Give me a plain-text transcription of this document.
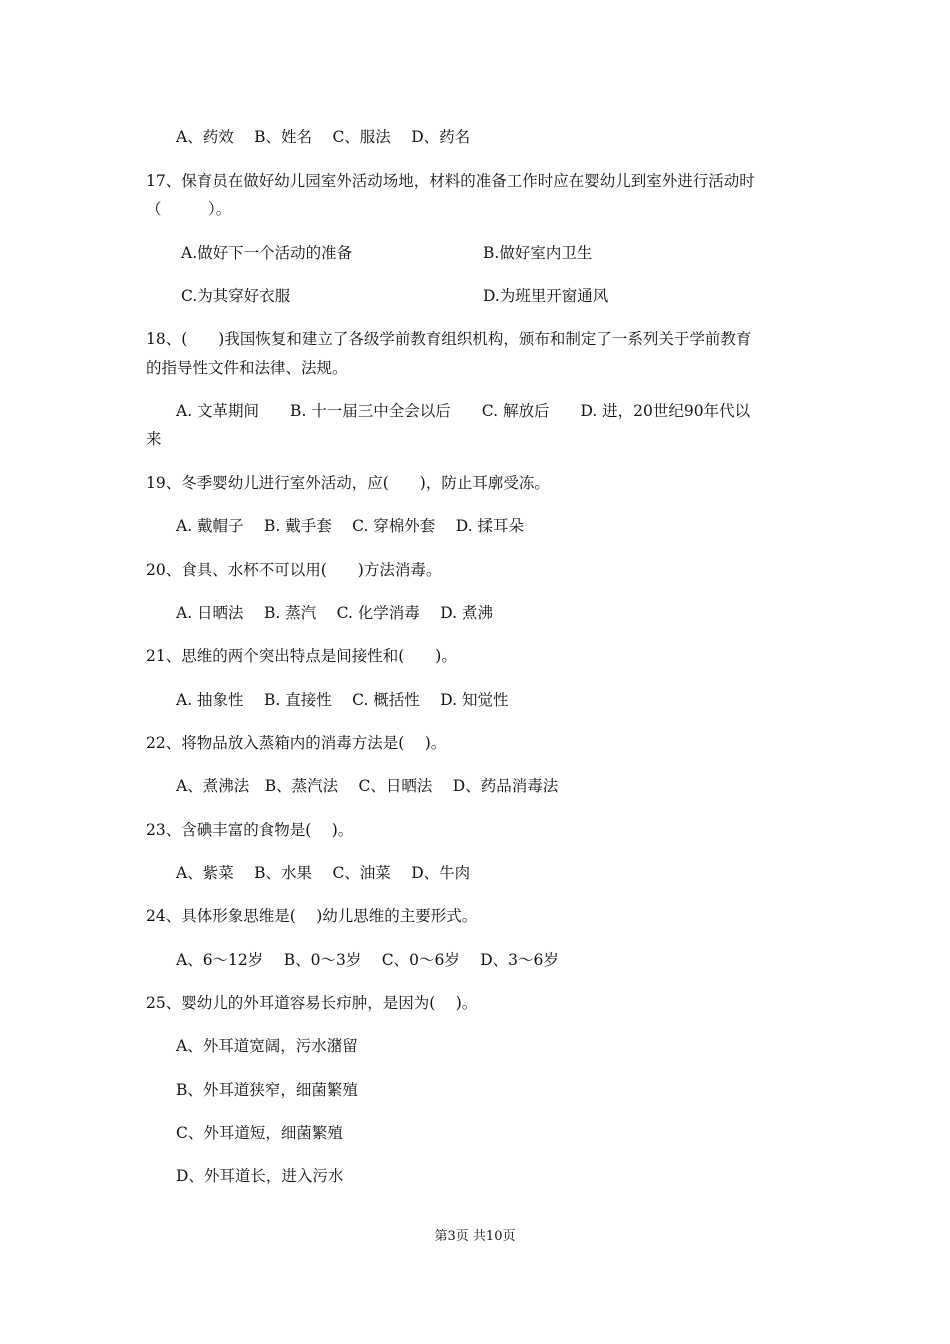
A、药效　 B、姓名　 C、服法　 D、药名
17、保育员在做好幼儿园室外活动场地，材料的准备工作时应在婴幼儿到室外进行活动时
（　　　）。
A.做好下一个活动的准备	B.做好室内卫生
C.为其穿好衣服	D.为班里开窗通风
18、(　　)我国恢复和建立了各级学前教育组织机构，颁布和制定了一系列关于学前教育
的指导性文件和法律、法规。
A. 文革期间　　B. 十一届三中全会以后　　C. 解放后　　D. 进，20世纪90年代以
来
19、冬季婴幼儿进行室外活动，应(　　)，防止耳廓受冻。
A. 戴帽子　 B. 戴手套　 C. 穿棉外套　 D. 揉耳朵
20、食具、水杯不可以用(　　)方法消毒。
A. 日晒法　 B. 蒸汽　 C. 化学消毒　 D. 煮沸
21、思维的两个突出特点是间接性和(　　)。
A. 抽象性　 B. 直接性　 C. 概括性　 D. 知觉性
22、将物品放入蒸箱内的消毒方法是(　 )。
A、煮沸法　B、蒸汽法　 C、日晒法　 D、药品消毒法
23、含碘丰富的食物是(　 )。
A、紫菜　 B、水果　 C、油菜　 D、牛肉
24、具体形象思维是(　 )幼儿思维的主要形式。
A、6～12岁　 B、0～3岁　 C、0～6岁　 D、3～6岁
25、婴幼儿的外耳道容易长疖肿，是因为(　 )。
A、外耳道宽阔，污水潴留
B、外耳道狭窄，细菌繁殖
C、外耳道短，细菌繁殖
D、外耳道长，进入污水
第3页 共10页
